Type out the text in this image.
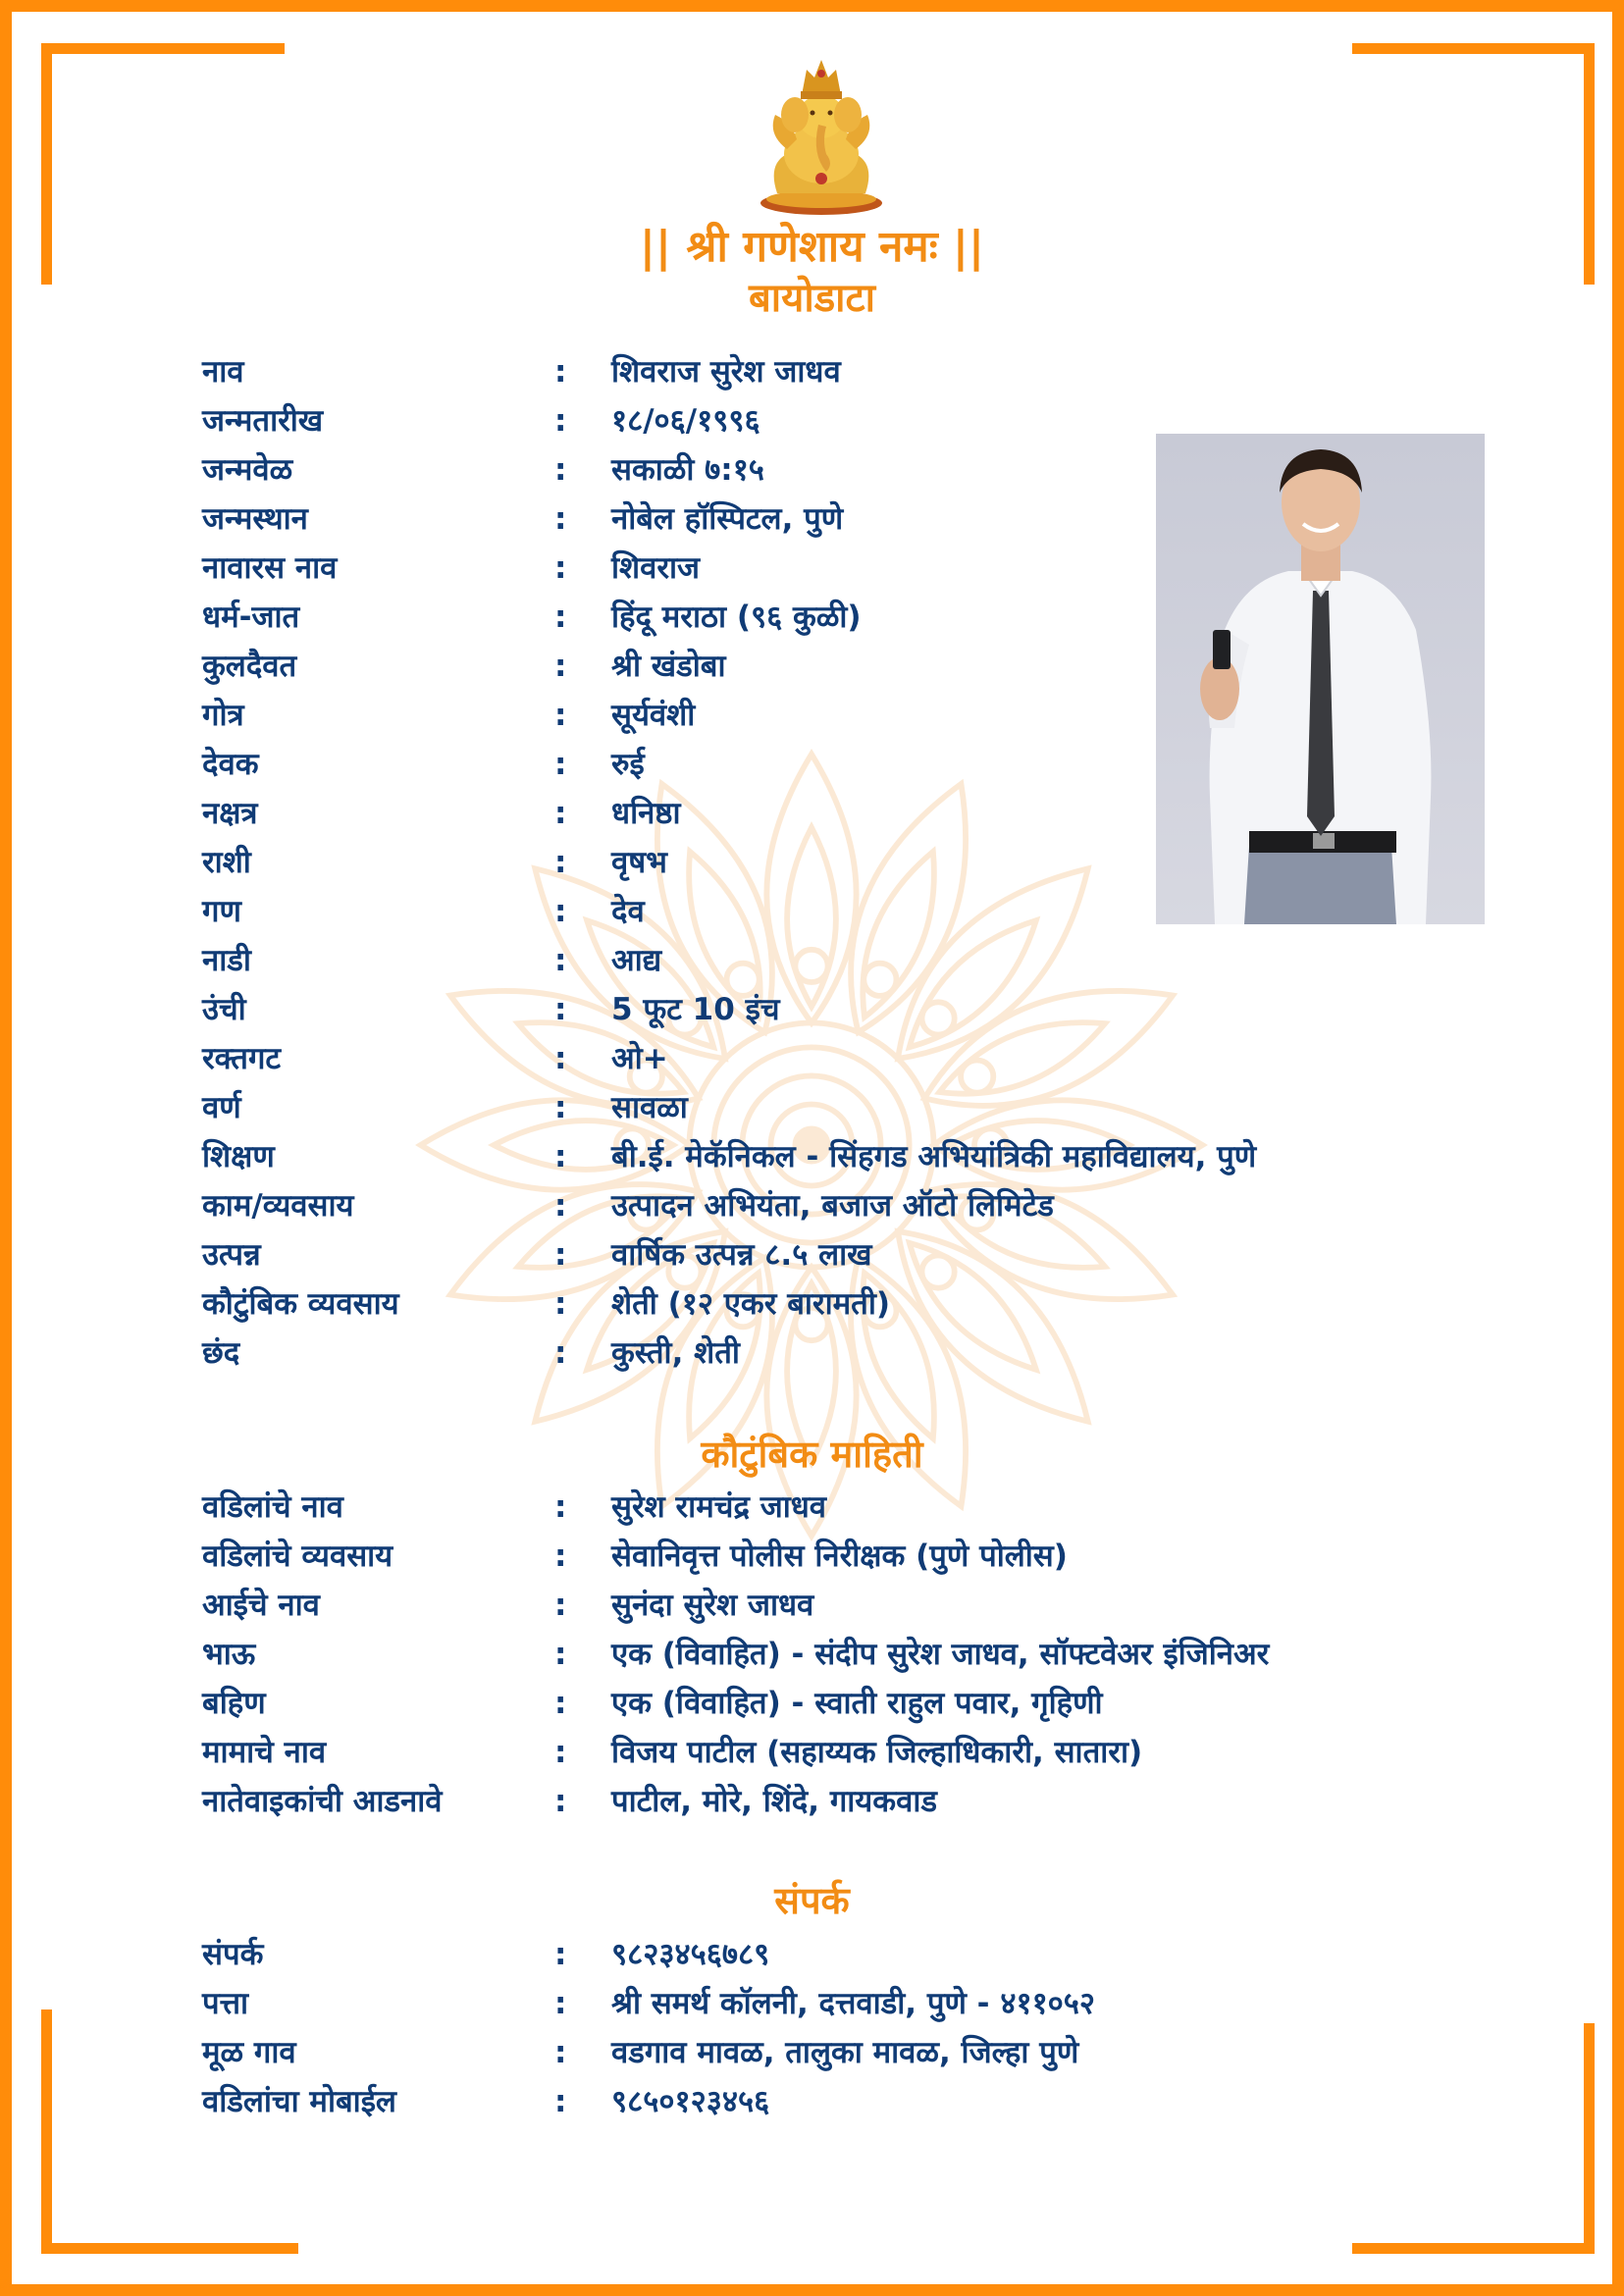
|| श्री गणेशाय नमः ||
बायोडाटा
नाव	: शिवराज सुरेश जाधव
जन्मतारीख	: १८/०६/१९९६
जन्मवेळ	: सकाळी ७:१५
जन्मस्थान	: नोबेल हॉस्पिटल, पुणे
नावारस नाव	: शिवराज
धर्म-जात	: हिंदू मराठा (९६ कुळी)
कुलदैवत	: श्री खंडोबा
गोत्र	: सूर्यवंशी
देवक	: रुई
नक्षत्र	: धनिष्ठा
राशी	: वृषभ
गण	: देव
नाडी	: आद्य
उंची	: 5 फूट 10 इंच
रक्तगट	: ओ+
वर्ण	: सावळा
शिक्षण	: बी.ई. मेकॅनिकल - सिंहगड अभियांत्रिकी महाविद्यालय, पुणे
काम/व्यवसाय	: उत्पादन अभियंता, बजाज ऑटो लिमिटेड
उत्पन्न	: वार्षिक उत्पन्न ८.५ लाख
कौटुंबिक व्यवसाय	: शेती (१२ एकर बारामती)
छंद	: कुस्ती, शेती
कौटुंबिक माहिती
वडिलांचे नाव	: सुरेश रामचंद्र जाधव
वडिलांचे व्यवसाय	: सेवानिवृत्त पोलीस निरीक्षक (पुणे पोलीस)
आईचे नाव	: सुनंदा सुरेश जाधव
भाऊ	: एक (विवाहित) - संदीप सुरेश जाधव, सॉफ्टवेअर इंजिनिअर
बहिण	: एक (विवाहित) - स्वाती राहुल पवार, गृहिणी
मामाचे नाव	: विजय पाटील (सहाय्यक जिल्हाधिकारी, सातारा)
नातेवाइकांची आडनावे	: पाटील, मोरे, शिंदे, गायकवाड
संपर्क
संपर्क	: ९८२३४५६७८९
पत्ता	: श्री समर्थ कॉलनी, दत्तवाडी, पुणे - ४११०५२
मूळ गाव	: वडगाव मावळ, तालुका मावळ, जिल्हा पुणे
वडिलांचा मोबाईल	: ९८५०१२३४५६
